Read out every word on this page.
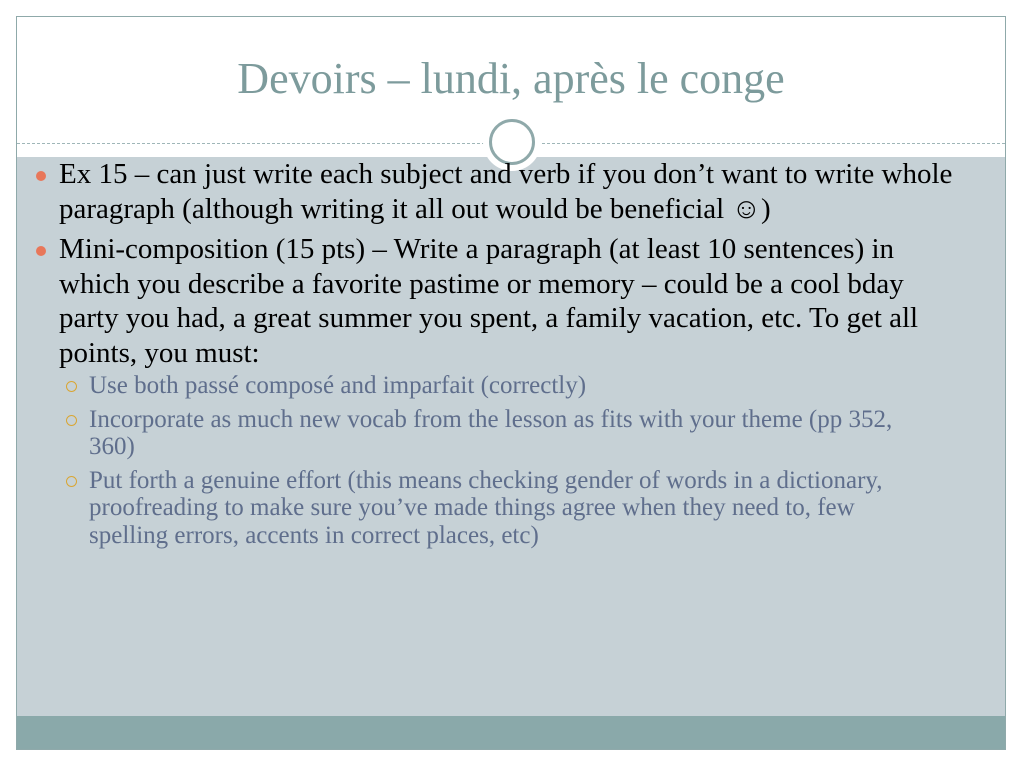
Devoirs – lundi, après le conge
Ex 15 – can just write each subject and verb if you don’t want to write whole paragraph (although writing it all out would be beneficial ☺)
Mini-composition (15 pts) – Write a paragraph (at least 10 sentences) in which you describe a favorite pastime or memory – could be a cool bday party you had, a great summer you spent, a family vacation, etc. To get all points, you must:
Use both passé composé and imparfait (correctly)
Incorporate as much new vocab from the lesson as fits with your theme (pp 352, 360)
Put forth a genuine effort (this means checking gender of words in a dictionary, proofreading to make sure you’ve made things agree when they need to, few spelling errors, accents in correct places, etc)
